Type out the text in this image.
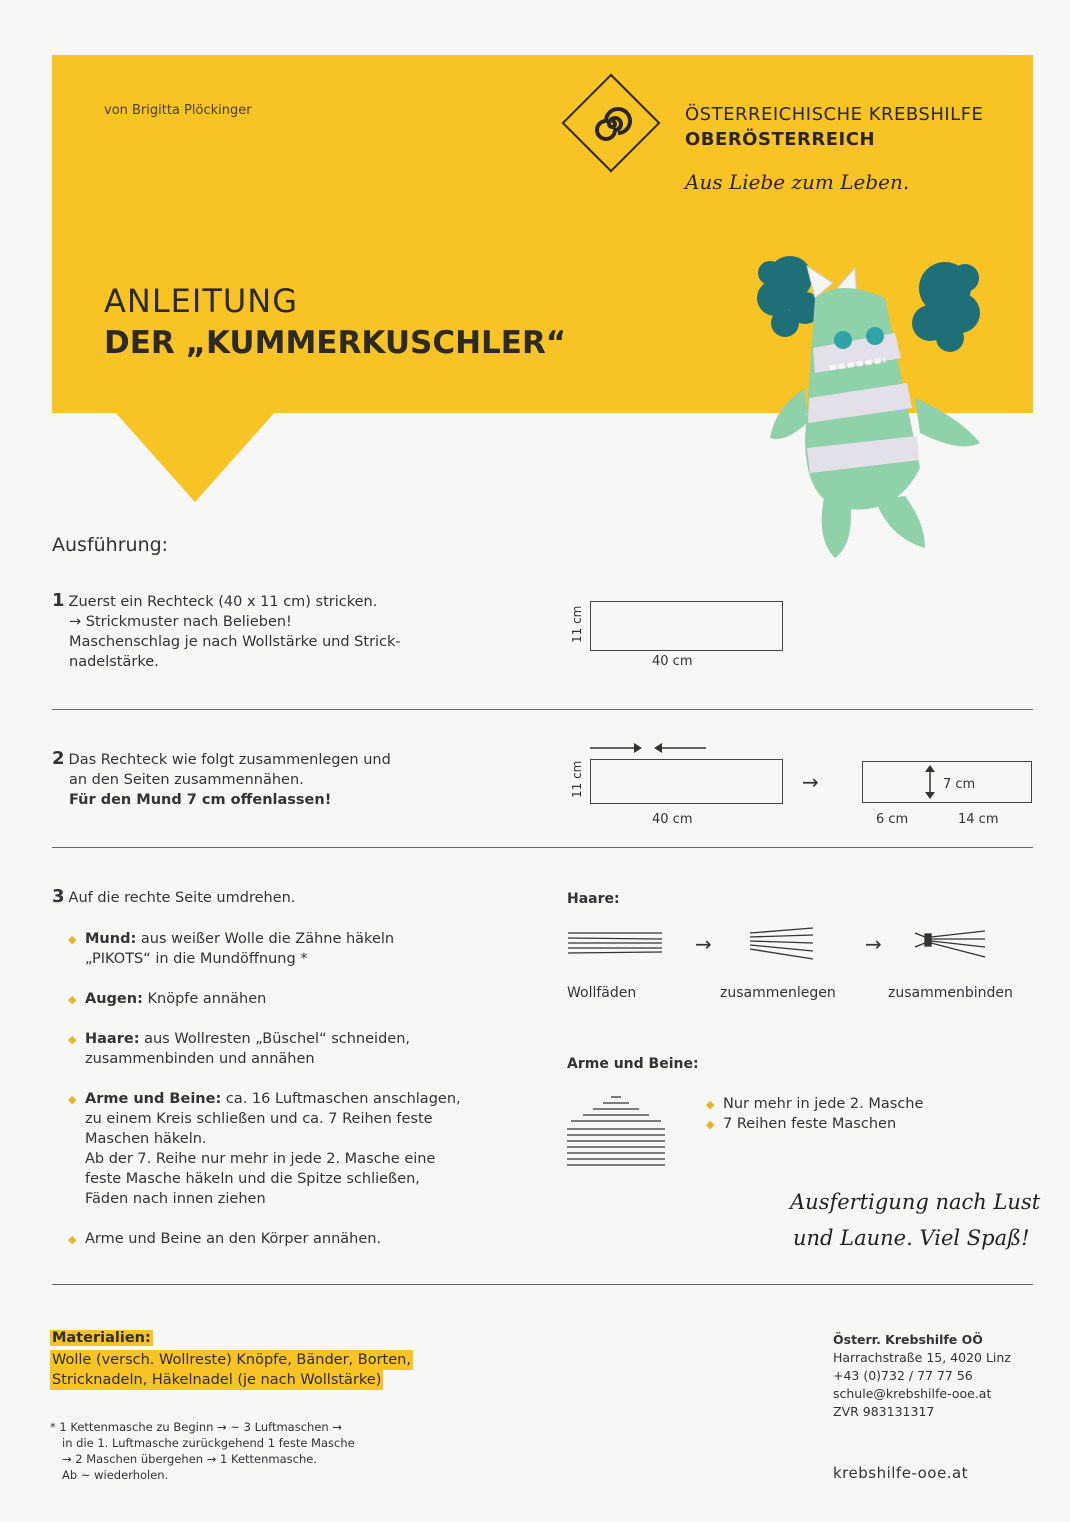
von Brigitta Plöckinger	ÖSTERREICHISCHE KREBSHILFE
OBERÖSTERREICH
Aus Liebe zum Leben.
ANLEITUNG
DER „KUMMERKUSCHLER“
Ausführung:
1 Zuerst ein Rechteck (40 x 11 cm) stricken.
→ Strickmuster nach Belieben!
Maschenschlag je nach Wollstärke und Strick-
nadelstärke.
11 cm
40 cm
2 Das Rechteck wie folgt zusammenlegen und
an den Seiten zusammennähen.
Für den Mund 7 cm offenlassen!
11 cm
40 cm
→	7 cm
6 cm	14 cm
3 Auf die rechte Seite umdrehen.
◆ Mund: aus weißer Wolle die Zähne häkeln
„PIKOTS“ in die Mundöffnung *
◆ Augen: Knöpfe annähen
◆ Haare: aus Wollresten „Büschel“ schneiden,
zusammenbinden und annähen
◆ Arme und Beine: ca. 16 Luftmaschen anschlagen,
zu einem Kreis schließen und ca. 7 Reihen feste
Maschen häkeln.
Ab der 7. Reihe nur mehr in jede 2. Masche eine
feste Masche häkeln und die Spitze schließen,
Fäden nach innen ziehen
◆ Arme und Beine an den Körper annähen.
Haare:
→	→
Wollfäden	zusammenlegen	zusammenbinden
Arme und Beine:
◆ Nur mehr in jede 2. Masche
◆ 7 Reihen feste Maschen
Ausfertigung nach Lust
und Laune. Viel Spaß!
Materialien:
Wolle (versch. Wollreste) Knöpfe, Bänder, Borten,
Stricknadeln, Häkelnadel (je nach Wollstärke)
* 1 Kettenmasche zu Beginn → ~ 3 Luftmaschen →
in die 1. Luftmasche zurückgehend 1 feste Masche
→ 2 Maschen übergehen → 1 Kettenmasche.
Ab ~ wiederholen.
Österr. Krebshilfe OÖ
Harrachstraße 15, 4020 Linz
+43 (0)732 / 77 77 56
schule@krebshilfe-ooe.at
ZVR 983131317
krebshilfe-ooe.at
